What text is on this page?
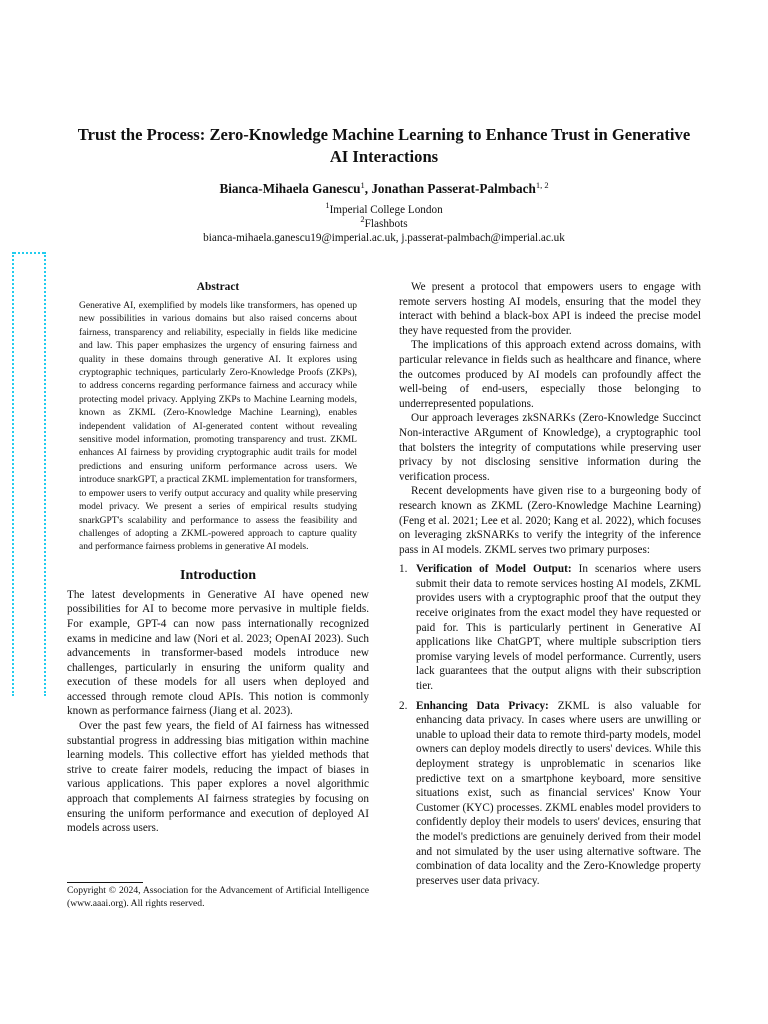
Trust the Process: Zero-Knowledge Machine Learning to Enhance Trust in Generative AI Interactions
Bianca-Mihaela Ganescu$^1$, Jonathan Passerat-Palmbach$^{1, 2}$
$^1$Imperial College London
$^2$Flashbots
bianca-mihaela.ganescu19@imperial.ac.uk, j.passerat-palmbach@imperial.ac.uk
Abstract

Generative AI, exemplified by models like transformers, has opened up new possibilities in various domains but also raised concerns about fairness, transparency and reliability, especially in fields like medicine and law. This paper emphasizes the urgency of ensuring fairness and quality in these domains through generative AI. It explores using cryptographic techniques, particularly Zero-Knowledge Proofs (ZKPs), to address concerns regarding performance fairness and accuracy while protecting model privacy. Applying ZKPs to Machine Learning models, known as ZKML (Zero-Knowledge Machine Learning), enables independent validation of AI-generated content without revealing sensitive model information, promoting transparency and trust. ZKML enhances AI fairness by providing cryptographic audit trails for model predictions and ensuring uniform performance across users. We introduce snarkGPT, a practical ZKML implementation for transformers, to empower users to verify output accuracy and quality while preserving model privacy. We present a series of empirical results studying snarkGPT's scalability and performance to assess the feasibility and challenges of adopting a ZKML-powered approach to capture quality and performance fairness problems in generative AI models.

Introduction

The latest developments in Generative AI have opened new possibilities for AI to become more pervasive in multiple fields. For example, GPT-4 can now pass internationally recognized exams in medicine and law (Nori et al. 2023; OpenAI 2023). Such advancements in transformer-based models introduce new challenges, particularly in ensuring the uniform quality and execution of these models for all users when deployed and accessed through remote cloud APIs. This notion is commonly known as performance fairness (Jiang et al. 2023).

Over the past few years, the field of AI fairness has witnessed substantial progress in addressing bias mitigation within machine learning models. This collective effort has yielded methods that strive to create fairer models, reducing the impact of biases in various applications. This paper explores a novel algorithmic approach that complements AI fairness strategies by focusing on ensuring the uniform performance and execution of deployed AI models across users.

Copyright © 2024, Association for the Advancement of Artificial Intelligence (www.aaai.org). All rights reserved.

We present a protocol that empowers users to engage with remote servers hosting AI models, ensuring that the model they interact with behind a black-box API is indeed the precise model they have requested from the provider.

The implications of this approach extend across domains, with particular relevance in fields such as healthcare and finance, where the outcomes produced by AI models can profoundly affect the well-being of end-users, especially those belonging to underrepresented populations.

Our approach leverages zkSNARKs (Zero-Knowledge Succinct Non-interactive ARgument of Knowledge), a cryptographic tool that bolsters the integrity of computations while preserving user privacy by not disclosing sensitive information during the verification process.

Recent developments have given rise to a burgeoning body of research known as ZKML (Zero-Knowledge Machine Learning) (Feng et al. 2021; Lee et al. 2020; Kang et al. 2022), which focuses on leveraging zkSNARKs to verify the integrity of the inference pass in AI models. ZKML serves two primary purposes:

1. Verification of Model Output: In scenarios where users submit their data to remote services hosting AI models, ZKML provides users with a cryptographic proof that the output they receive originates from the exact model they have requested or paid for. This is particularly pertinent in Generative AI applications like ChatGPT, where multiple subscription tiers promise varying levels of model performance. Currently, users lack guarantees that the output aligns with their subscription tier.
2. Enhancing Data Privacy: ZKML is also valuable for enhancing data privacy. In cases where users are unwilling or unable to upload their data to remote third-party models, model owners can deploy models directly to users' devices. While this deployment strategy is unproblematic in scenarios like predictive text on a smartphone keyboard, more sensitive situations exist, such as financial services' Know Your Customer (KYC) processes. ZKML enables model providers to confidently deploy their models to users' devices, ensuring that the model's predictions are genuinely derived from their model and not simulated by the user using alternative software. The combination of data locality and the Zero-Knowledge property preserves user data privacy.
